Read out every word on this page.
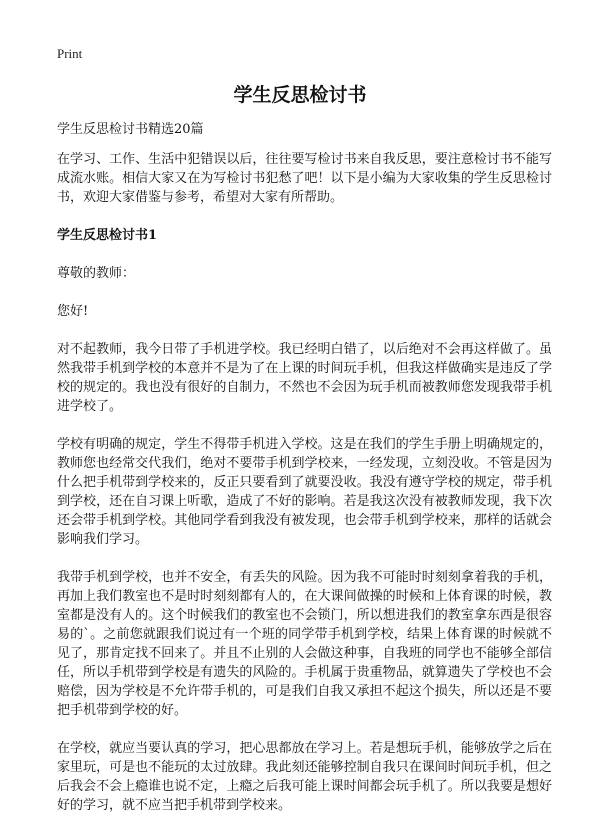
Print
学生反思检讨书

学生反思检讨书精选20篇

在学习、工作、生活中犯错误以后，往往要写检讨书来自我反思，要注意检讨书不能写成流水账。相信大家又在为写检讨书犯愁了吧！以下是小编为大家收集的学生反思检讨书，欢迎大家借鉴与参考，希望对大家有所帮助。

学生反思检讨书1

尊敬的教师：

您好!

对不起教师，我今日带了手机进学校。我已经明白错了，以后绝对不会再这样做了。虽然我带手机到学校的本意并不是为了在上课的时间玩手机，但我这样做确实是违反了学校的规定的。我也没有很好的自制力，不然也不会因为玩手机而被教师您发现我带手机进学校了。

学校有明确的规定，学生不得带手机进入学校。这是在我们的学生手册上明确规定的，教师您也经常交代我们，绝对不要带手机到学校来，一经发现，立刻没收。不管是因为什么把手机带到学校来的，反正只要看到了就要没收。我没有遵守学校的规定，带手机到学校，还在自习课上听歌，造成了不好的影响。若是我这次没有被教师发现，我下次还会带手机到学校。其他同学看到我没有被发现，也会带手机到学校来，那样的话就会影响我们学习。

我带手机到学校，也并不安全，有丢失的风险。因为我不可能时时刻刻拿着我的手机，再加上我们教室也不是时时刻刻都有人的，在大课间做操的时候和上体育课的时候，教室都是没有人的。这个时候我们的教室也不会锁门，所以想进我们的教室拿东西是很容易的`。之前您就跟我们说过有一个班的同学带手机到学校，结果上体育课的时候就不见了，那肯定找不回来了。并且不止别的人会做这种事，自我班的同学也不能够全部信任，所以手机带到学校是有遗失的风险的。手机属于贵重物品，就算遗失了学校也不会赔偿，因为学校是不允许带手机的，可是我们自我又承担不起这个损失，所以还是不要把手机带到学校的好。

在学校，就应当要认真的学习，把心思都放在学习上。若是想玩手机，能够放学之后在家里玩，可是也不能玩的太过放肆。我此刻还能够控制自我只在课间时间玩手机，但之后我会不会上瘾谁也说不定，上瘾之后我可能上课时间都会玩手机了。所以我要是想好好的学习，就不应当把手机带到学校来。
